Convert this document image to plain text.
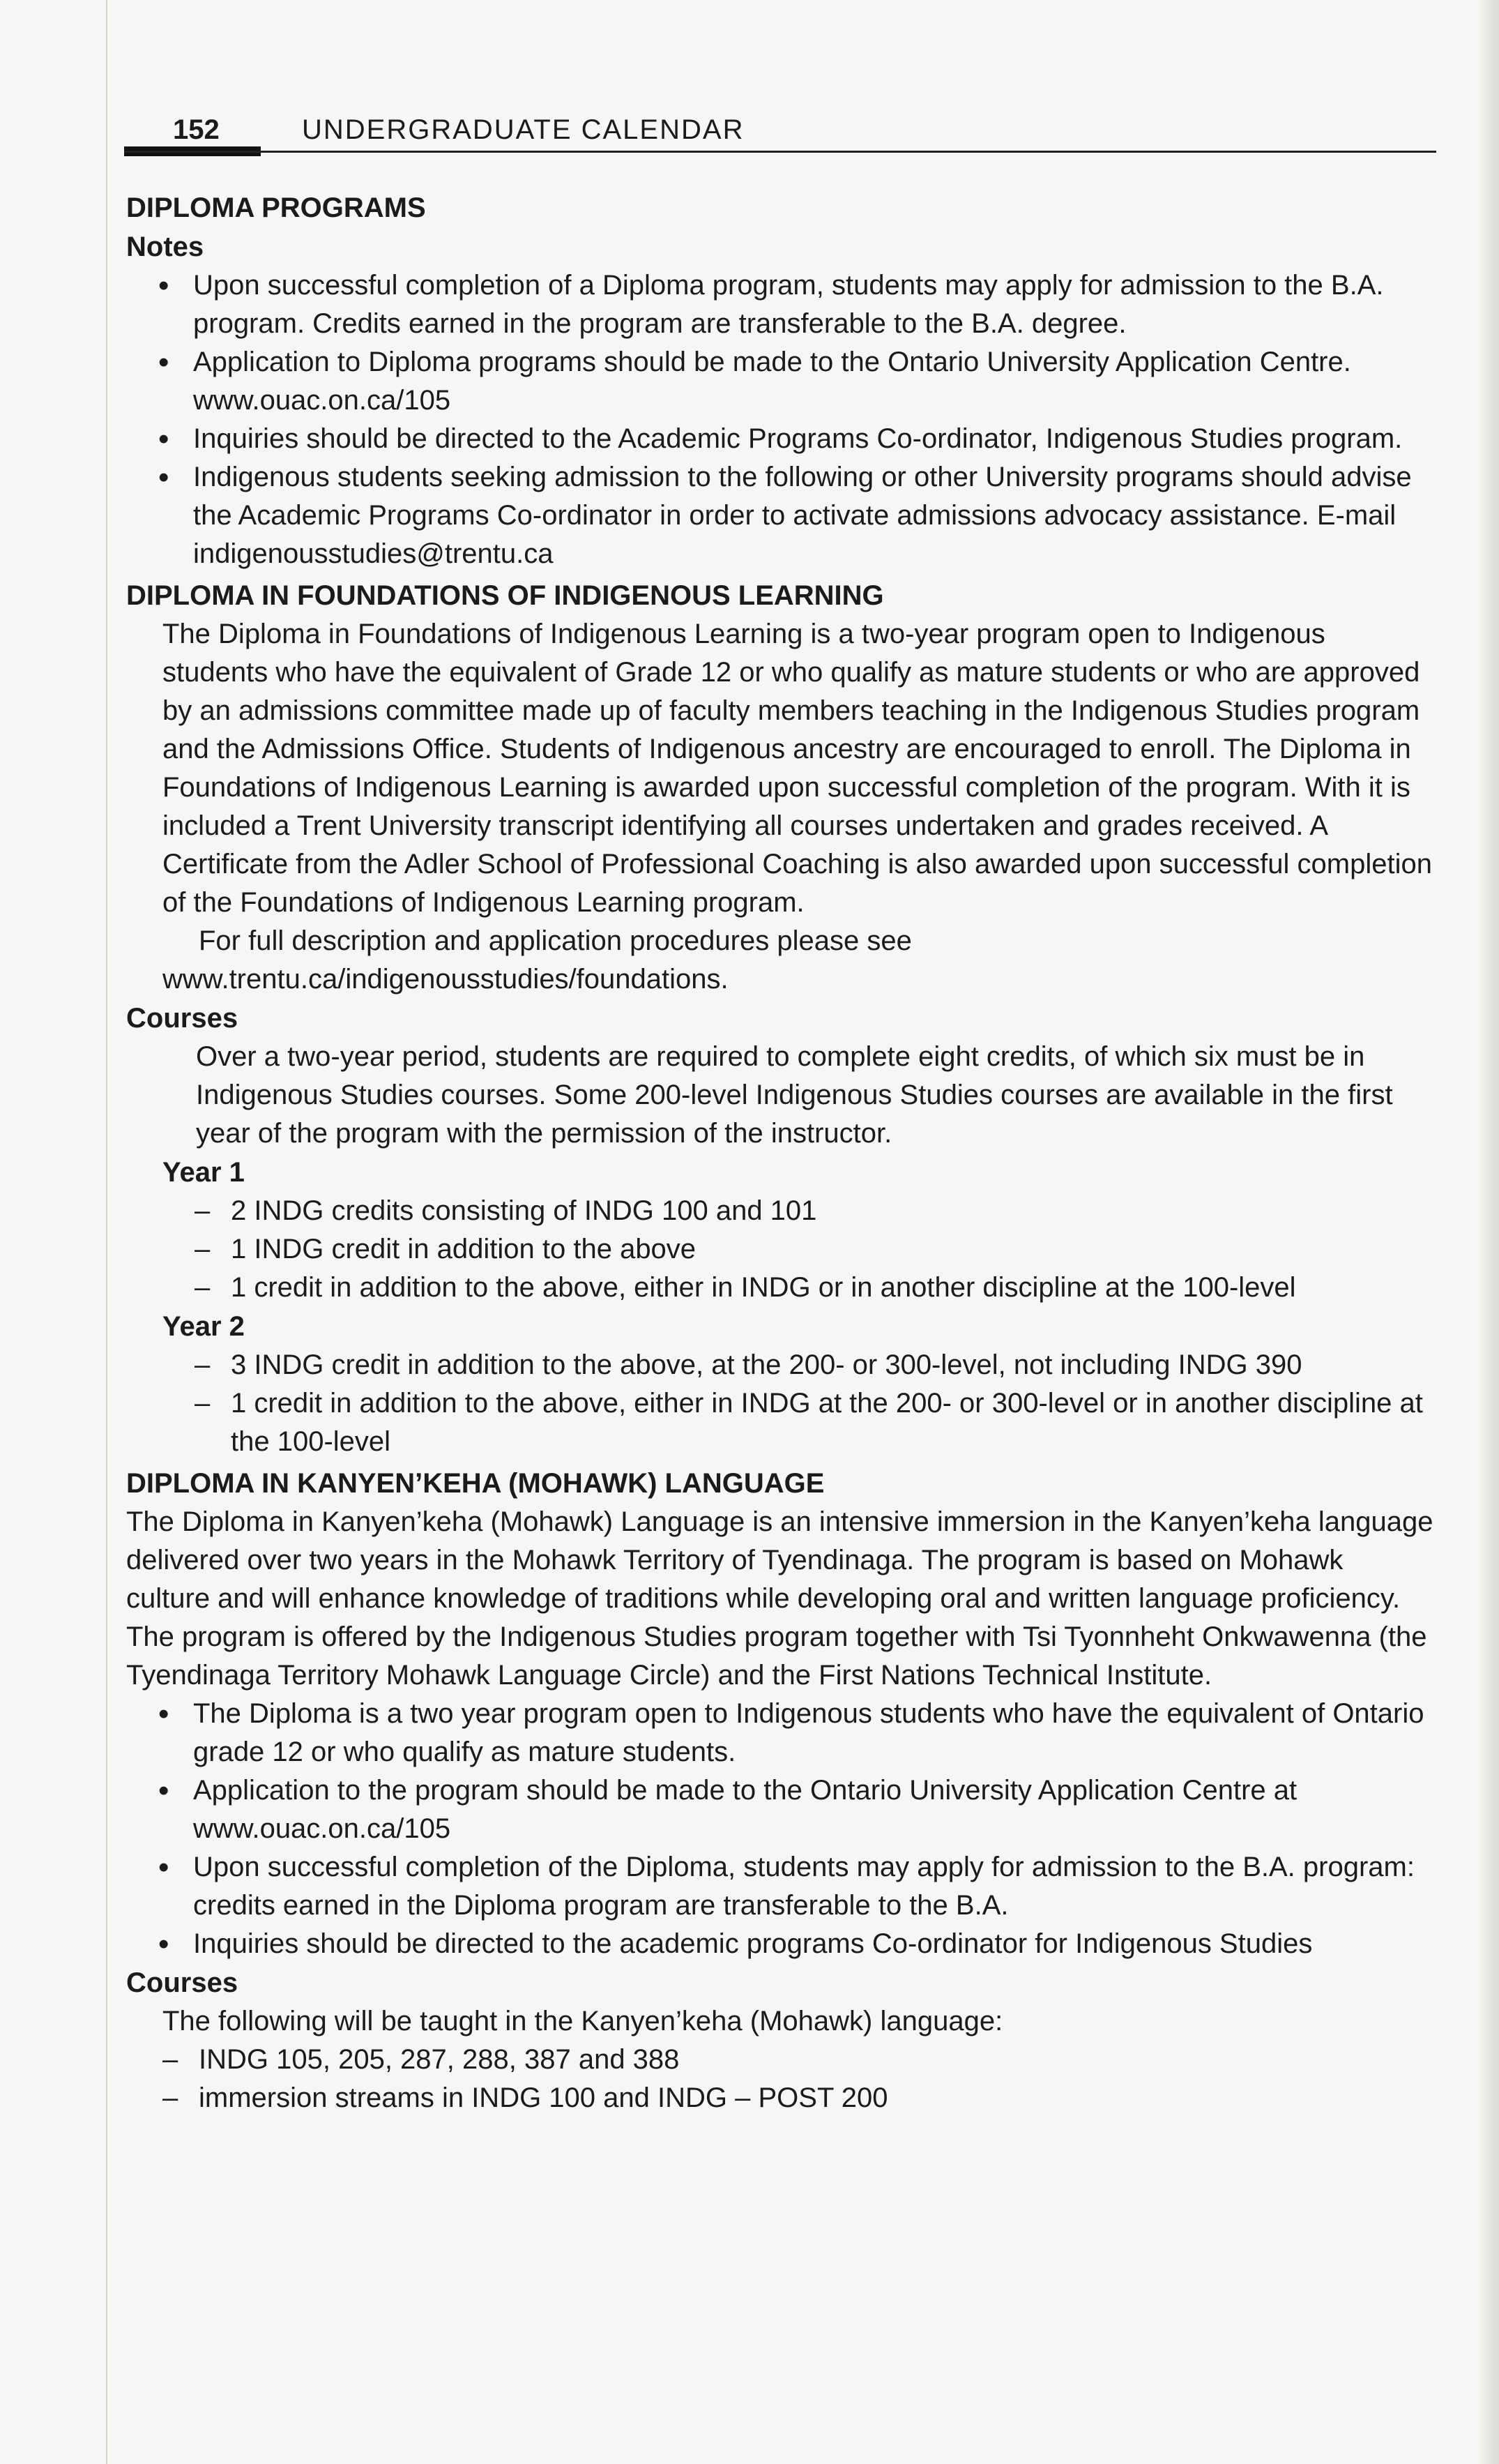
152	UNDERGRADUATE CALENDAR
DIPLOMA PROGRAMS
Notes
• Upon successful completion of a Diploma program, students may apply for admission to the B.A. program. Credits earned in the program are transferable to the B.A. degree.
• Application to Diploma programs should be made to the Ontario University Application Centre. www.ouac.on.ca/105
• Inquiries should be directed to the Academic Programs Co-ordinator, Indigenous Studies program.
• Indigenous students seeking admission to the following or other University programs should advise the Academic Programs Co-ordinator in order to activate admissions advocacy assistance. E-mail indigenousstudies@trentu.ca
DIPLOMA IN FOUNDATIONS OF INDIGENOUS LEARNING

The Diploma in Foundations of Indigenous Learning is a two-year program open to Indigenous students who have the equivalent of Grade 12 or who qualify as mature students or who are approved by an admissions committee made up of faculty members teaching in the Indigenous Studies program and the Admissions Office. Students of Indigenous ancestry are encouraged to enroll. The Diploma in Foundations of Indigenous Learning is awarded upon successful completion of the program. With it is included a Trent University transcript identifying all courses undertaken and grades received. A Certificate from the Adler School of Professional Coaching is also awarded upon successful completion of the Foundations of Indigenous Learning program.

For full description and application procedures please see www.trentu.ca/indigenousstudies/foundations.

Courses

Over a two-year period, students are required to complete eight credits, of which six must be in Indigenous Studies courses. Some 200-level Indigenous Studies courses are available in the first year of the program with the permission of the instructor.

Year 1
– 2 INDG credits consisting of INDG 100 and 101
– 1 INDG credit in addition to the above
– 1 credit in addition to the above, either in INDG or in another discipline at the 100-level
Year 2
– 3 INDG credit in addition to the above, at the 200- or 300-level, not including INDG 390
– 1 credit in addition to the above, either in INDG at the 200- or 300-level or in another discipline at the 100-level
DIPLOMA IN KANYEN’KEHA (MOHAWK) LANGUAGE

The Diploma in Kanyen’keha (Mohawk) Language is an intensive immersion in the Kanyen’keha language delivered over two years in the Mohawk Territory of Tyendinaga. The program is based on Mohawk culture and will enhance knowledge of traditions while developing oral and written language proficiency. The program is offered by the Indigenous Studies program together with Tsi Tyonnheht Onkwawenna (the Tyendinaga Territory Mohawk Language Circle) and the First Nations Technical Institute.

• The Diploma is a two year program open to Indigenous students who have the equivalent of Ontario grade 12 or who qualify as mature students.
• Application to the program should be made to the Ontario University Application Centre at www.ouac.on.ca/105
• Upon successful completion of the Diploma, students may apply for admission to the B.A. program: credits earned in the Diploma program are transferable to the B.A.
• Inquiries should be directed to the academic programs Co-ordinator for Indigenous Studies
Courses

The following will be taught in the Kanyen’keha (Mohawk) language:

– INDG 105, 205, 287, 288, 387 and 388
– immersion streams in INDG 100 and INDG – POST 200
